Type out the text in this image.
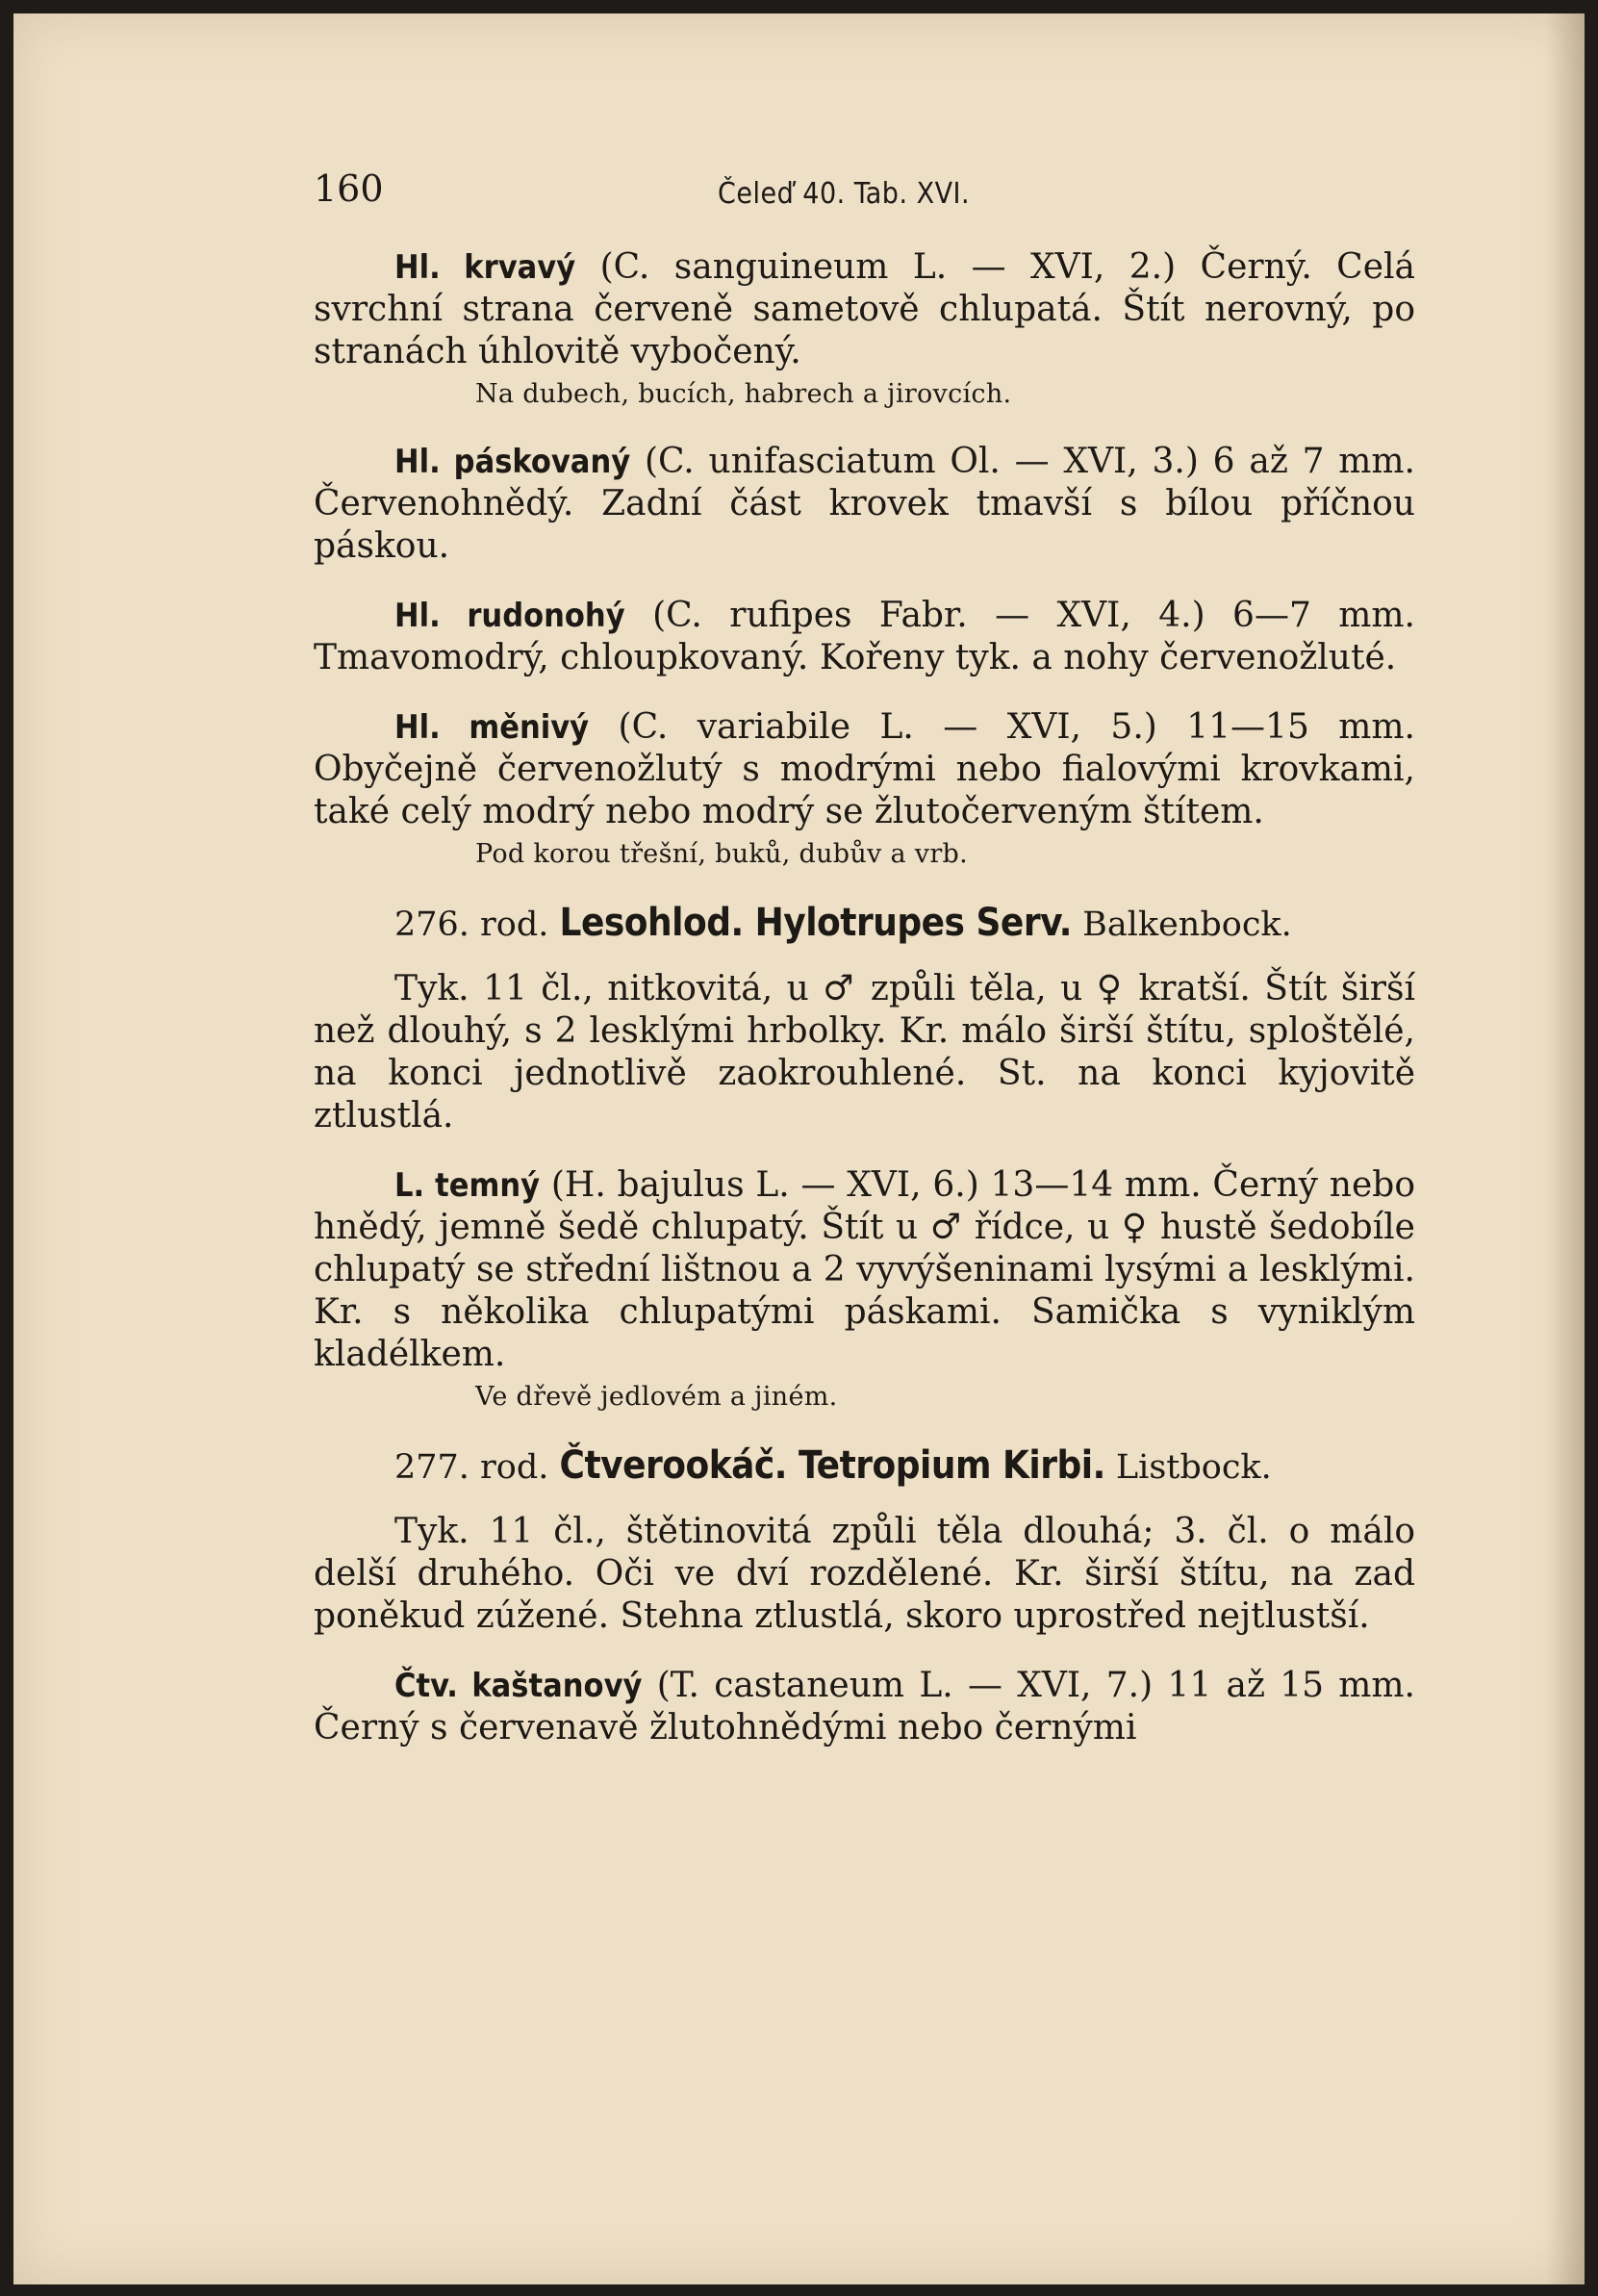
160	Čeleď 40. Tab. XVI.
Hl. krvavý (C. sanguineum L. — XVI, 2.) Černý. Celá svrchní strana červeně sametově chlupatá. Štít nerovný, po stranách úhlovitě vybočený.
Na dubech, bucích, habrech a jirovcích.
Hl. páskovaný (C. unifasciatum Ol. — XVI, 3.) 6 až 7 mm. Červenohnědý. Zadní část krovek tmavší s bílou příčnou páskou.
Hl. rudonohý (C. rufipes Fabr. — XVI, 4.) 6—7 mm. Tmavomodrý, chloupkovaný. Kořeny tyk. a nohy červenožluté.
Hl. měnivý (C. variabile L. — XVI, 5.) 11—15 mm. Obyčejně červenožlutý s modrými nebo fialovými krovkami, také celý modrý nebo modrý se žlutočerveným štítem.
Pod korou třešní, buků, dubův a vrb.

276. rod. Lesohlod. Hylotrupes Serv. Balkenbock.

Tyk. 11 čl., nitkovitá, u ♂ způli těla, u ♀ kratší. Štít širší než dlouhý, s 2 lesklými hrbolky. Kr. málo širší štítu, sploštělé, na konci jednotlivě zaokrouhlené. St. na konci kyjovitě ztlustlá.

L. temný (H. bajulus L. — XVI, 6.) 13—14 mm. Černý nebo hnědý, jemně šedě chlupatý. Štít u ♂ řídce, u ♀ hustě šedobíle chlupatý se střední lištnou a 2 vyvýšeninami lysými a lesklými. Kr. s několika chlupatými páskami. Samička s vyniklým kladélkem.
Ve dřevě jedlovém a jiném.

277. rod. Čtverookáč. Tetropium Kirbi. Listbock.

Tyk. 11 čl., štětinovitá způli těla dlouhá; 3. čl. o málo delší druhého. Oči ve dví rozdělené. Kr. širší štítu, na zad poněkud zúžené. Stehna ztlustlá, skoro uprostřed nejtlustší.

Čtv. kaštanový (T. castaneum L. — XVI, 7.) 11 až 15 mm. Černý s červenavě žlutohnědými nebo černými
